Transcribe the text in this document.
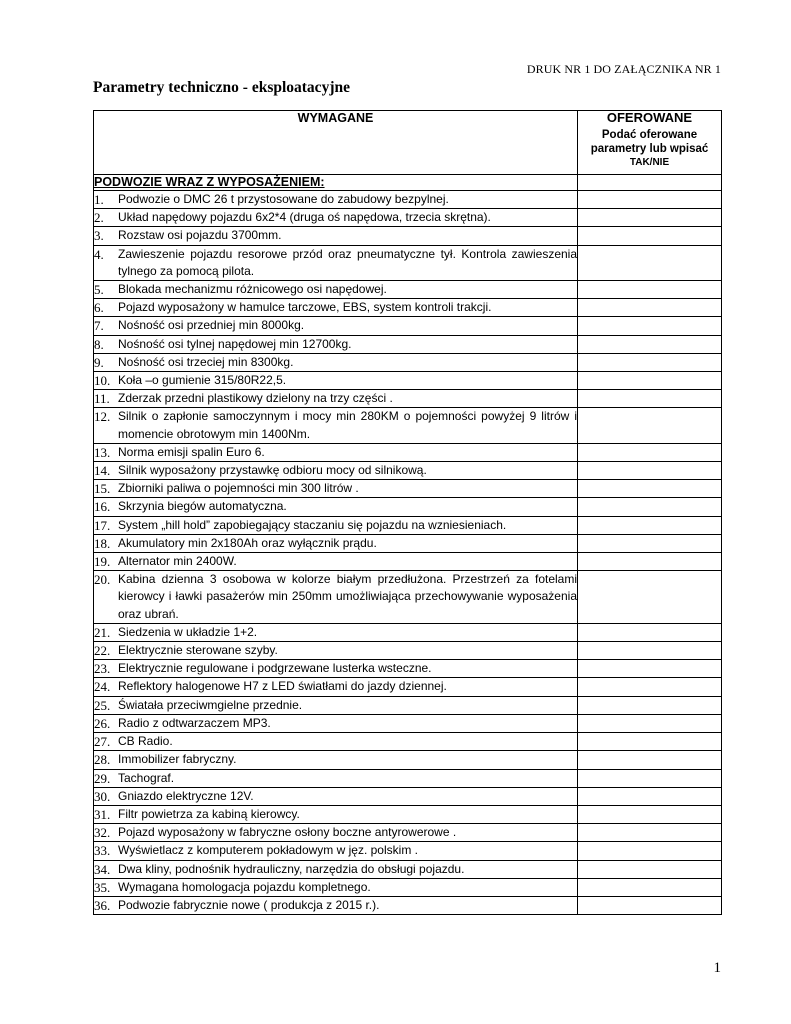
DRUK NR 1 DO ZAŁĄCZNIKA NR 1
Parametry techniczno - eksploatacyjne
WYMAGANE	OFEROWANE
Podać oferowane parametry lub wpisać
TAK/NIE

PODWOZIE WRAZ Z WYPOSAŻENIEM:	

1. Podwozie o DMC 26 t przystosowane do zabudowy bezpylnej.	

2. Układ napędowy pojazdu 6x2*4 (druga oś napędowa, trzecia skrętna).	

3. Rozstaw osi pojazdu 3700mm.	

4. Zawieszenie pojazdu resorowe przód oraz pneumatyczne tył. Kontrola zawieszenia tylnego za pomocą pilota.	

5. Blokada mechanizmu różnicowego osi napędowej.	

6. Pojazd wyposażony w hamulce tarczowe, EBS, system kontroli trakcji.	

7. Nośność osi przedniej min 8000kg.	

8. Nośność osi tylnej napędowej min 12700kg.	

9. Nośność osi trzeciej min 8300kg.	

10. Koła –o gumienie 315/80R22,5.	

11. Zderzak przedni plastikowy dzielony na trzy części .	

12. Silnik o zapłonie samoczynnym i mocy min 280KM o pojemności powyżej 9 litrów i momencie obrotowym min 1400Nm.	

13. Norma emisji spalin Euro 6.	

14. Silnik wyposażony przystawkę odbioru mocy od silnikową.	

15. Zbiorniki paliwa o pojemności min 300 litrów .	

16. Skrzynia biegów automatyczna.	

17. System „hill hold” zapobiegający staczaniu się pojazdu na wzniesieniach.	

18. Akumulatory min 2x180Ah oraz wyłącznik prądu.	

19. Alternator min 2400W.	

20. Kabina dzienna 3 osobowa w kolorze białym przedłużona. Przestrzeń za fotelami kierowcy i ławki pasażerów min 250mm umożliwiająca przechowywanie wyposażenia oraz ubrań.	

21. Siedzenia w układzie 1+2.	

22. Elektrycznie sterowane szyby.	

23. Elektrycznie regulowane i podgrzewane lusterka wsteczne.	

24. Reflektory halogenowe H7 z LED światłami do jazdy dziennej.	

25. Światała przeciwmgielne przednie.	

26. Radio z odtwarzaczem MP3.	

27. CB Radio.	

28. Immobilizer fabryczny.	

29. Tachograf.	

30. Gniazdo elektryczne 12V.	

31. Filtr powietrza za kabiną kierowcy.	

32. Pojazd wyposażony w fabryczne osłony boczne antyrowerowe .	

33. Wyświetlacz z komputerem pokładowym w jęz. polskim .	

34. Dwa kliny, podnośnik hydrauliczny, narzędzia do obsługi pojazdu.	

35. Wymagana homologacja pojazdu kompletnego.	

36. Podwozie fabrycznie nowe ( produkcja z 2015 r.).	

1
